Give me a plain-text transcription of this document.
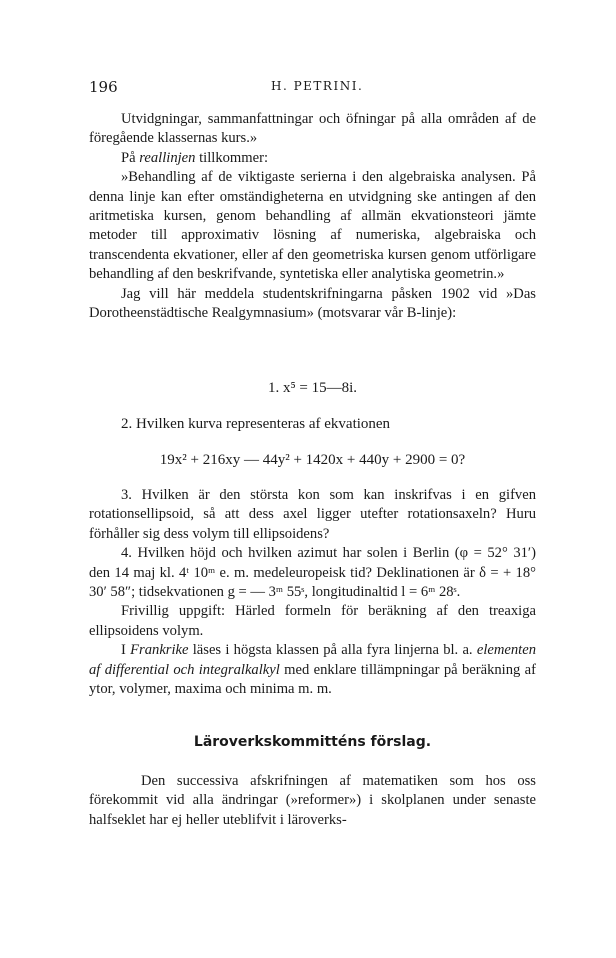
196	H. PETRINI.

Utvidgningar, sammanfattningar och öfningar på alla områden af de föregående klassernas kurs.»

På reallinjen tillkommer:

»Behandling af de viktigaste serierna i den algebraiska analysen. På denna linje kan efter omständigheterna en utvidgning ske antingen af den aritmetiska kursen, genom behandling af allmän ekvationsteori jämte metoder till approximativ lösning af numeriska, algebraiska och transcendenta ekvationer, eller af den geometriska kursen genom utförligare behandling af den beskrifvande, syntetiska eller analytiska geometrin.»

Jag vill här meddela studentskrifningarna påsken 1902 vid »Das Dorotheenstädtische Realgymnasium» (motsvarar vår B-linje):

1. x⁵ = 15—8i.
2. Hvilken kurva representeras af ekvationen
19x² + 216xy — 44y² + 1420x + 440y + 2900 = 0?

3. Hvilken är den största kon som kan inskrifvas i en gifven rotationsellipsoid, så att dess axel ligger utefter rotationsaxeln? Huru förhåller sig dess volym till ellipsoidens?

4. Hvilken höjd och hvilken azimut har solen i Berlin (φ = 52° 31′) den 14 maj kl. 4ᵗ 10ᵐ e. m. medeleuropeisk tid? Deklinationen är δ = + 18° 30′ 58″; tidsekvationen g = — 3ᵐ 55ˢ, longitudinaltid l = 6ᵐ 28ˢ.

Frivillig uppgift: Härled formeln för beräkning af den treaxiga ellipsoidens volym.

I Frankrike läses i högsta klassen på alla fyra linjerna bl. a. elementen af differential och integralkalkyl med enklare tillämpningar på beräkning af ytor, volymer, maxima och minima m. m.

Läroverkskommitténs förslag.

Den successiva afskrifningen af matematiken som hos oss förekommit vid alla ändringar (»reformer») i skolplanen under senaste halfseklet har ej heller uteblifvit i läroverks-
